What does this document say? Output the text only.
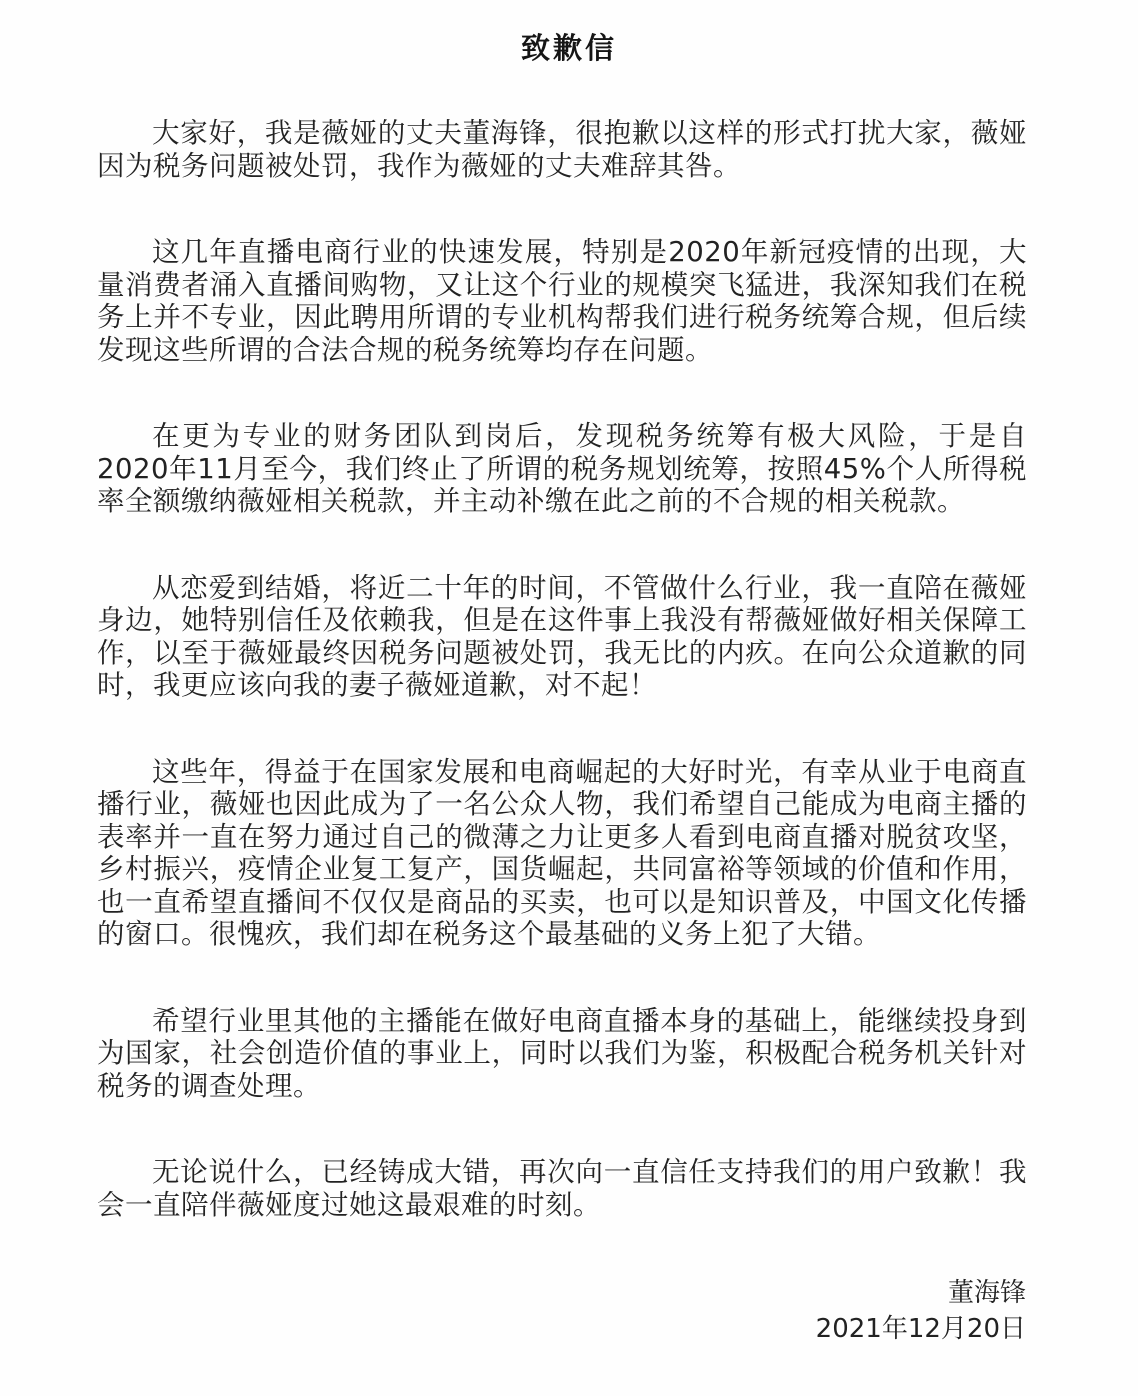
致歉信

大家好，我是薇娅的丈夫董海锋，很抱歉以这样的形式打扰大家，薇娅因为税务问题被处罚，我作为薇娅的丈夫难辞其咎。

这几年直播电商行业的快速发展，特别是2020年新冠疫情的出现，大量消费者涌入直播间购物，又让这个行业的规模突飞猛进，我深知我们在税务上并不专业，因此聘用所谓的专业机构帮我们进行税务统筹合规，但后续发现这些所谓的合法合规的税务统筹均存在问题。

在更为专业的财务团队到岗后，发现税务统筹有极大风险，于是自2020年11月至今，我们终止了所谓的税务规划统筹，按照45%个人所得税率全额缴纳薇娅相关税款，并主动补缴在此之前的不合规的相关税款。

从恋爱到结婚，将近二十年的时间，不管做什么行业，我一直陪在薇娅身边，她特别信任及依赖我，但是在这件事上我没有帮薇娅做好相关保障工作，以至于薇娅最终因税务问题被处罚，我无比的内疚。在向公众道歉的同时，我更应该向我的妻子薇娅道歉，对不起！

这些年，得益于在国家发展和电商崛起的大好时光，有幸从业于电商直播行业，薇娅也因此成为了一名公众人物，我们希望自己能成为电商主播的表率并一直在努力通过自己的微薄之力让更多人看到电商直播对脱贫攻坚，乡村振兴，疫情企业复工复产，国货崛起，共同富裕等领域的价值和作用，也一直希望直播间不仅仅是商品的买卖，也可以是知识普及，中国文化传播的窗口。很愧疚，我们却在税务这个最基础的义务上犯了大错。

希望行业里其他的主播能在做好电商直播本身的基础上，能继续投身到为国家，社会创造价值的事业上，同时以我们为鉴，积极配合税务机关针对税务的调查处理。

无论说什么，已经铸成大错，再次向一直信任支持我们的用户致歉！我会一直陪伴薇娅度过她这最艰难的时刻。

董海锋
2021年12月20日
